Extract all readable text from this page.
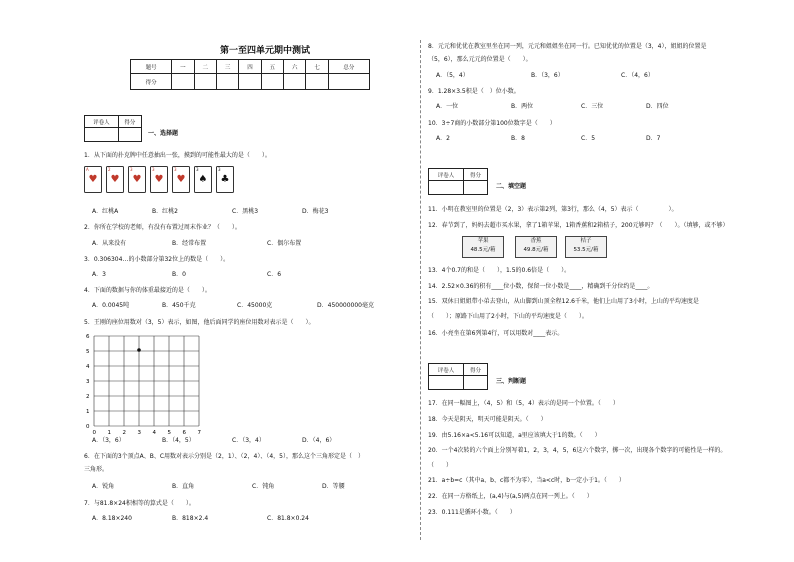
第一至四单元期中测试
题号	一	二	三	四	五	六	七	总分
得分								
评卷人	得分

一、选择题
1．从下面的扑克牌中任意抽出一张，摸到的可能性最大的是（　　）。
A
♥
2
♥
3
♥
3
♥
3
♥
3
♠
3
♣
A．红桃A	B．红桃2	C．黑桃3	D．梅花3
2．你所在学校的老师，有没有布置过周末作业？（　　）。
A．从来没有	B．经常布置	C．偶尔布置
3．0.306304…的小数部分第32位上的数是（　　）。
A．3	B．0	C．6
4．下面的数据与你的体重最接近的是（　　）。
A．0.0045吨	B．450千克	C．45000克	D．450000000毫克
5．王刚的座位用数对（3，5）表示，如图，他后面同学的座位用数对表示是（　　）。
6
5
4
3
2
1
0
0 1 2 3 4 5 6 7
A．（3，6）	B．（4，5）	C．（3，4）	D．（4，6）
6．在下面的3个顶点A、B、C用数对表示分别是（2，1）、（2，4）、（4，5），那么这个三角形定是（　）
三角形。
A．锐角	B．直角	C．钝角	D．等腰
7．与81.8×24积相等的算式是（　　）。
A．8.18×240	B．818×2.4	C．81.8×0.24
8．元元和优优在教室里坐在同一列，元元和姐姐坐在同一行。已知优优的位置是（3，4），姐姐的位置是
（5，6），那么元元的位置是（　　）。
A．（5，4）	B．（3，6）	C．（4，6）
9．1.28×3.5积是（　）位小数。
A．一位	B．两位	C．三位	D．四位
10．3÷7商的小数部分第100位数字是（　　）
A．2	B．8	C．5	D．7
评卷人	得分

二、填空题
11．小明在教室里的位置是（2，3）表示第2列，第3行，那么（4，5）表示（　　　　　）。
12．春节到了，妈妈去超市买水果，拿了1箱苹果，1箱香蕉和2箱桔子，200元够吗？（　　）。（填够，或不够）
苹果
48.5元/箱
香蕉
49.8元/箱
桔子
53.5元/箱
13．4个0.7的和是（　　），1.5的0.6倍是（　　）。
14．2.52×0.36的积有____位小数，保留一位小数是____，精确到千分位约是____。
15．双休日姐姐带小弟去登山，从山脚到山顶全程12.6千米，他们上山用了3小时，上山的平均速度是
（　　）；原路下山用了2小时，下山的平均速度是（　　）。
16．小亮坐在第6列第4行，可以用数对____表示。
评卷人	得分

三、判断题
17．在同一幅图上，（4，5）和（5，4）表示的是同一个位置。（　　）
18．今天是阴天，明天可能是阴天。（　　）
19．由5.16×a<5.16可以知道，a里应该填大于1的数。（　　）
20．一个4次转的六个面上分别写着1，2，3，4，5，6这六个数字，掷一次，出现各个数字的可能性是一样的。
（　　）
21．a÷b=c（其中a、b、c都不为零），当a<c时，b一定小于1。（　　）
22．在同一方格纸上，(a,4)与(a,5)两点在同一列上。（　　）
23．0.111是循环小数。（　　）
